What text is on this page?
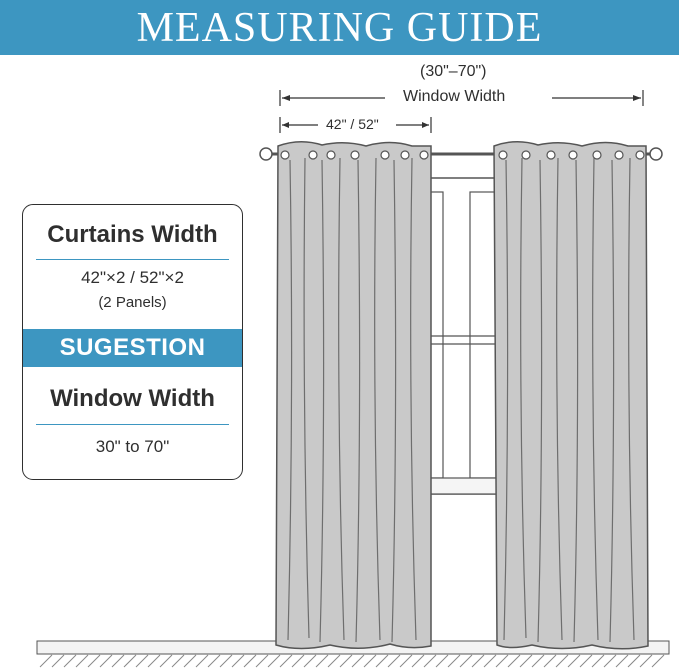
MEASURING GUIDE
(30"–70")
Window Width
42" / 52"
Curtains Width
42"×2 / 52"×2
(2 Panels)
SUGESTION
Window Width
30" to 70"
